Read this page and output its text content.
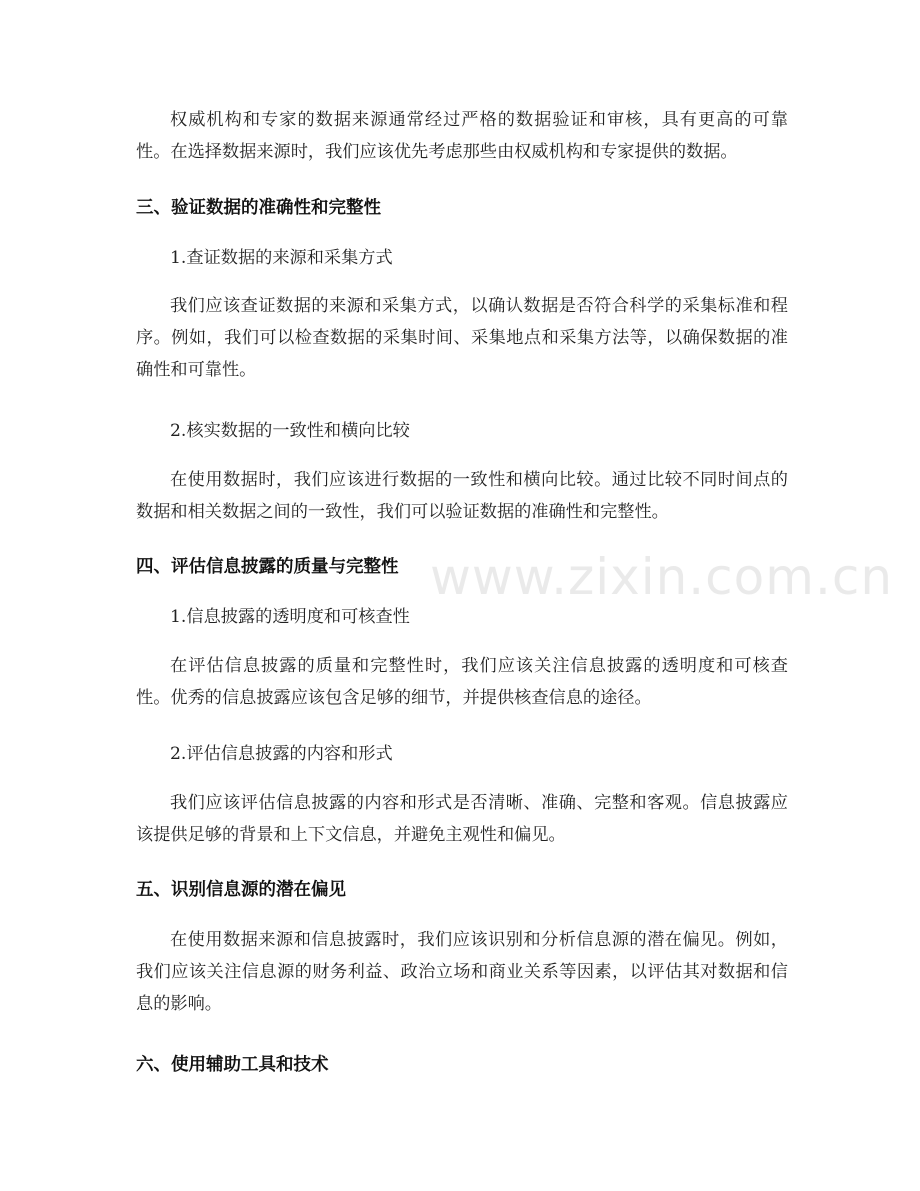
权威机构和专家的数据来源通常经过严格的数据验证和审核，具有更高的可靠性。在选择数据来源时，我们应该优先考虑那些由权威机构和专家提供的数据。

三、验证数据的准确性和完整性

1.查证数据的来源和采集方式

我们应该查证数据的来源和采集方式，以确认数据是否符合科学的采集标准和程序。例如，我们可以检查数据的采集时间、采集地点和采集方法等，以确保数据的准确性和可靠性。

2.核实数据的一致性和横向比较

在使用数据时，我们应该进行数据的一致性和横向比较。通过比较不同时间点的数据和相关数据之间的一致性，我们可以验证数据的准确性和完整性。

四、评估信息披露的质量与完整性

1.信息披露的透明度和可核查性

在评估信息披露的质量和完整性时，我们应该关注信息披露的透明度和可核查性。优秀的信息披露应该包含足够的细节，并提供核查信息的途径。

2.评估信息披露的内容和形式

我们应该评估信息披露的内容和形式是否清晰、准确、完整和客观。信息披露应该提供足够的背景和上下文信息，并避免主观性和偏见。

五、识别信息源的潜在偏见

在使用数据来源和信息披露时，我们应该识别和分析信息源的潜在偏见。例如，我们应该关注信息源的财务利益、政治立场和商业关系等因素，以评估其对数据和信息的影响。

六、使用辅助工具和技术
www.zixin.com.cn
